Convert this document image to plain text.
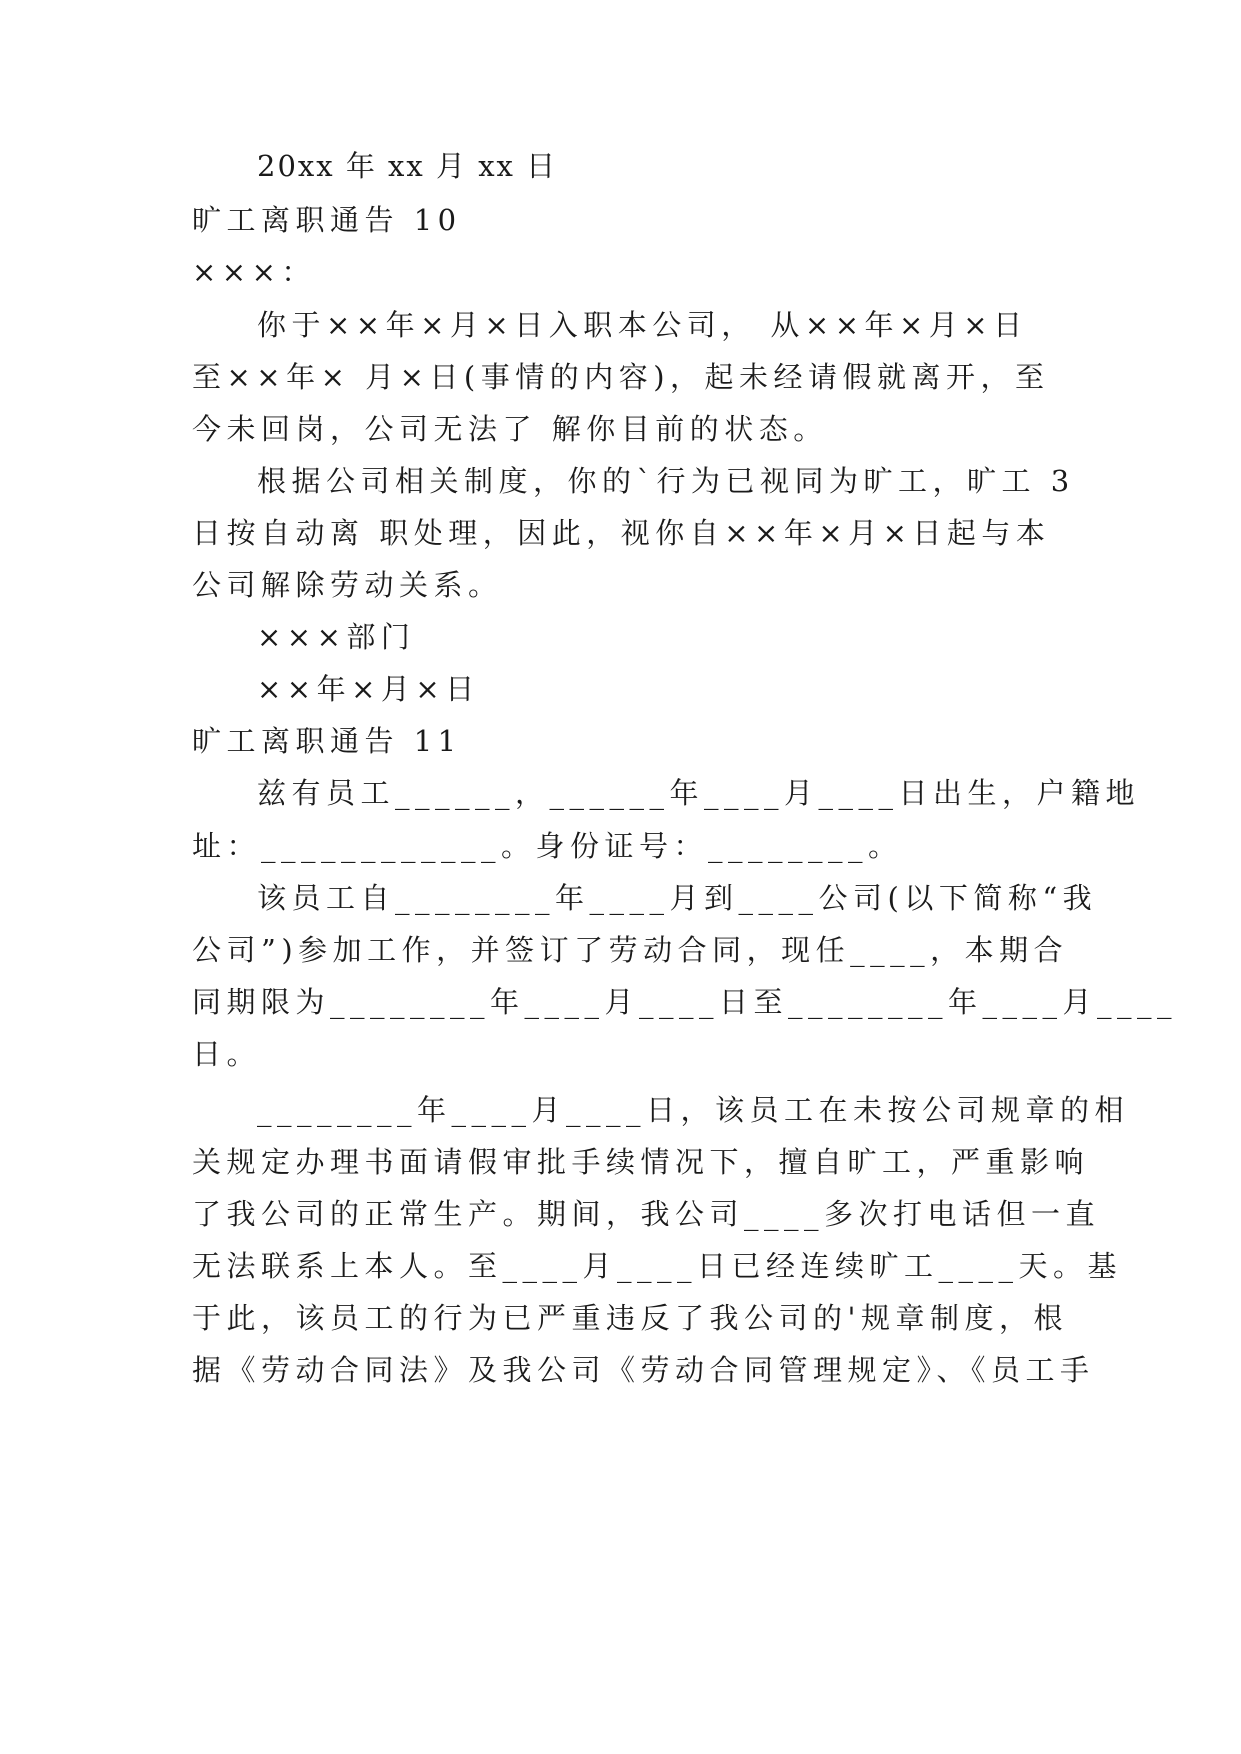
20xx 年 xx 月 xx 日

旷工离职通告 10

×××：

你于××年×月×日入职本公司， 从××年×月×日

至××年× 月×日(事情的内容)，起未经请假就离开，至

今未回岗，公司无法了 解你目前的状态。

根据公司相关制度，你的`行为已视同为旷工，旷工 3

日按自动离 职处理，因此，视你自××年×月×日起与本

公司解除劳动关系。

×××部门

××年×月×日

旷工离职通告 11

兹有员工______，______年____月____日出生，户籍地

址：____________。身份证号：________。

该员工自________年____月到____公司(以下简称“我

公司”)参加工作，并签订了劳动合同，现任____，本期合

同期限为________年____月____日至________年____月____

日。

________年____月____日，该员工在未按公司规章的相

关规定办理书面请假审批手续情况下，擅自旷工，严重影响

了我公司的正常生产。期间，我公司____多次打电话但一直

无法联系上本人。至____月____日已经连续旷工____天。基

于此，该员工的行为已严重违反了我公司的'规章制度，根

据《劳动合同法》及我公司《劳动合同管理规定》、《员工手
